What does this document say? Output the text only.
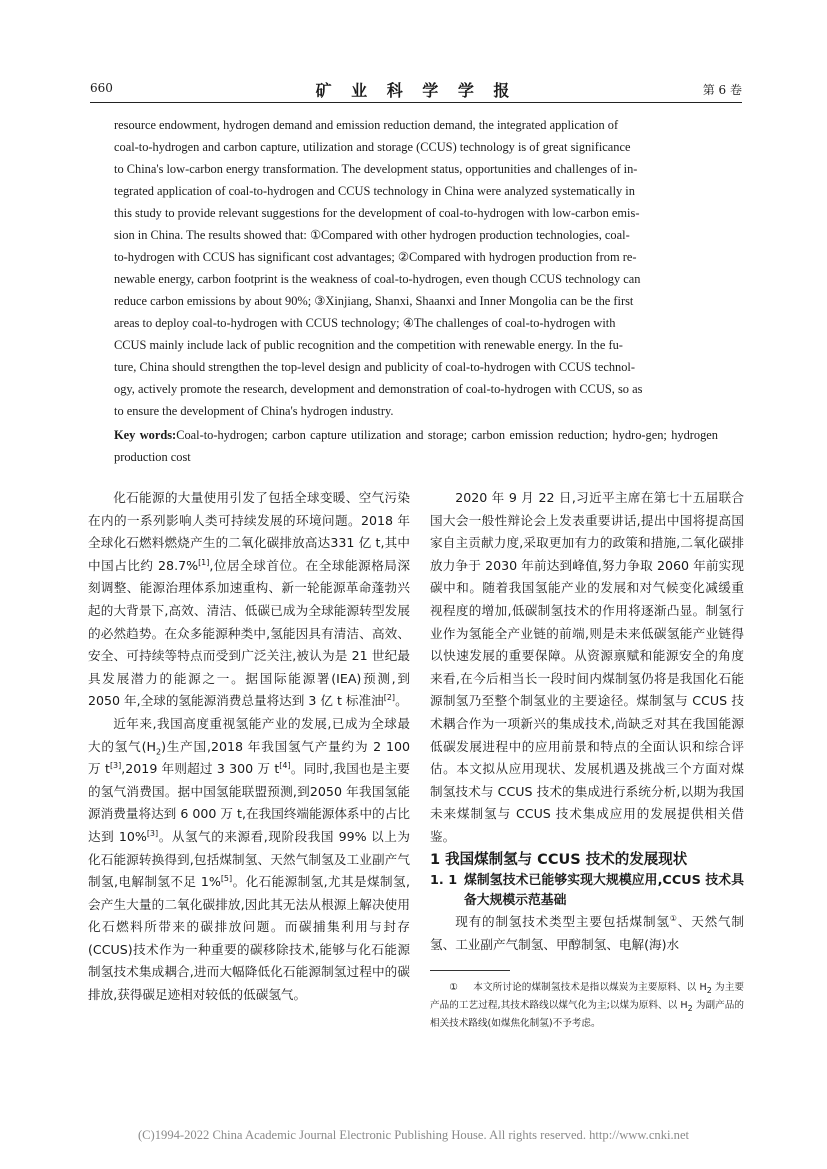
660	矿 业 科 学 学 报	第 6 卷
resource endowment, hydrogen demand and emission reduction demand, the integrated application of
coal-to-hydrogen and carbon capture, utilization and storage (CCUS) technology is of great significance
to China's low-carbon energy transformation. The development status, opportunities and challenges of in-
tegrated application of coal-to-hydrogen and CCUS technology in China were analyzed systematically in
this study to provide relevant suggestions for the development of coal-to-hydrogen with low-carbon emis-
sion in China. The results showed that: ①Compared with other hydrogen production technologies, coal-
to-hydrogen with CCUS has significant cost advantages; ②Compared with hydrogen production from re-
newable energy, carbon footprint is the weakness of coal-to-hydrogen, even though CCUS technology can
reduce carbon emissions by about 90%; ③Xinjiang, Shanxi, Shaanxi and Inner Mongolia can be the first
areas to deploy coal-to-hydrogen with CCUS technology; ④The challenges of coal-to-hydrogen with
CCUS mainly include lack of public recognition and the competition with renewable energy. In the fu-
ture, China should strengthen the top-level design and publicity of coal-to-hydrogen with CCUS technol-
ogy, actively promote the research, development and demonstration of coal-to-hydrogen with CCUS, so as
to ensure the development of China's hydrogen industry.
Key words:Coal-to-hydrogen; carbon capture utilization and storage; carbon emission reduction; hydro-gen; hydrogen production cost

化石能源的大量使用引发了包括全球变暖、空气污染在内的一系列影响人类可持续发展的环境问题。2018 年全球化石燃料燃烧产生的二氧化碳排放高达331 亿 t,其中中国占比约 28.7%[1],位居全球首位。在全球能源格局深刻调整、能源治理体系加速重构、新一轮能源革命蓬勃兴起的大背景下,高效、清洁、低碳已成为全球能源转型发展的必然趋势。在众多能源种类中,氢能因具有清洁、高效、安全、可持续等特点而受到广泛关注,被认为是 21 世纪最具发展潜力的能源之一。据国际能源署(IEA)预测,到 2050 年,全球的氢能源消费总量将达到 3 亿 t 标准油[2]。

近年来,我国高度重视氢能产业的发展,已成为全球最大的氢气$(H_2)$生产国,2018 年我国氢气产量约为 2 100 万 t[3],2019 年则超过 3 300 万 t[4]。同时,我国也是主要的氢气消费国。据中国氢能联盟预测,到2050 年我国氢能源消费量将达到 6 000 万 t,在我国终端能源体系中的占比达到 10%[3]。从氢气的来源看,现阶段我国 99% 以上为化石能源转换得到,包括煤制氢、天然气制氢及工业副产气制氢,电解制氢不足 1%[5]。化石能源制氢,尤其是煤制氢,会产生大量的二氧化碳排放,因此其无法从根源上解决使用化石燃料所带来的碳排放问题。而碳捕集利用与封存(CCUS)技术作为一种重要的碳移除技术,能够与化石能源制氢技术集成耦合,进而大幅降低化石能源制氢过程中的碳排放,获得碳足迹相对较低的低碳氢气。

2020 年 9 月 22 日,习近平主席在第七十五届联合国大会一般性辩论会上发表重要讲话,提出中国将提高国家自主贡献力度,采取更加有力的政策和措施,二氧化碳排放力争于 2030 年前达到峰值,努力争取 2060 年前实现碳中和。随着我国氢能产业的发展和对气候变化减缓重视程度的增加,低碳制氢技术的作用将逐渐凸显。制氢行业作为氢能全产业链的前端,则是未来低碳氢能产业链得以快速发展的重要保障。从资源禀赋和能源安全的角度来看,在今后相当长一段时间内煤制氢仍将是我国化石能源制氢乃至整个制氢业的主要途径。煤制氢与 CCUS 技术耦合作为一项新兴的集成技术,尚缺乏对其在我国能源低碳发展进程中的应用前景和特点的全面认识和综合评估。本文拟从应用现状、发展机遇及挑战三个方面对煤制氢技术与 CCUS 技术的集成进行系统分析,以期为我国未来煤制氢与 CCUS 技术集成应用的发展提供相关借鉴。

1 我国煤制氢与 CCUS 技术的发展现状

1. 1 煤制氢技术已能够实现大规模应用,CCUS 技术具备大规模示范基础

现有的制氢技术类型主要包括煤制氢①、天然气制氢、工业副产气制氢、甲醇制氢、电解(海)水

① 本文所讨论的煤制氢技术是指以煤炭为主要原料、以 $H_2$ 为主要产品的工艺过程,其技术路线以煤气化为主;以煤为原料、以 $H_2$ 为副产品的相关技术路线(如煤焦化制氢)不予考虑。
(C)1994-2022 China Academic Journal Electronic Publishing House. All rights reserved. http://www.cnki.net
